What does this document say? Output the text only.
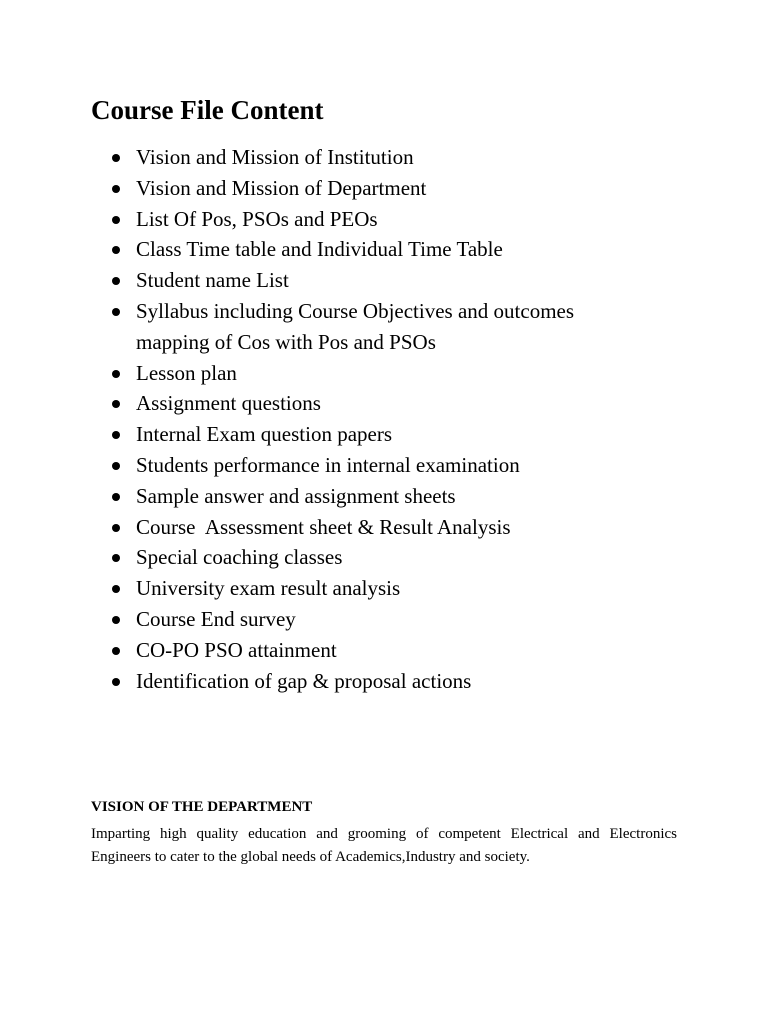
Course File Content
Vision and Mission of Institution
Vision and Mission of Department
List Of Pos, PSOs and PEOs
Class Time table and Individual Time Table
Student name List
Syllabus including Course Objectives and outcomes mapping of Cos with Pos and PSOs
Lesson plan
Assignment questions
Internal Exam question papers
Students performance in internal examination
Sample answer and assignment sheets
Course  Assessment sheet & Result Analysis
Special coaching classes
University exam result analysis
Course End survey
CO-PO PSO attainment
Identification of gap & proposal actions
VISION OF THE DEPARTMENT

Imparting high quality education and grooming of competent Electrical and Electronics Engineers to cater to the global needs of Academics,Industry and society.
